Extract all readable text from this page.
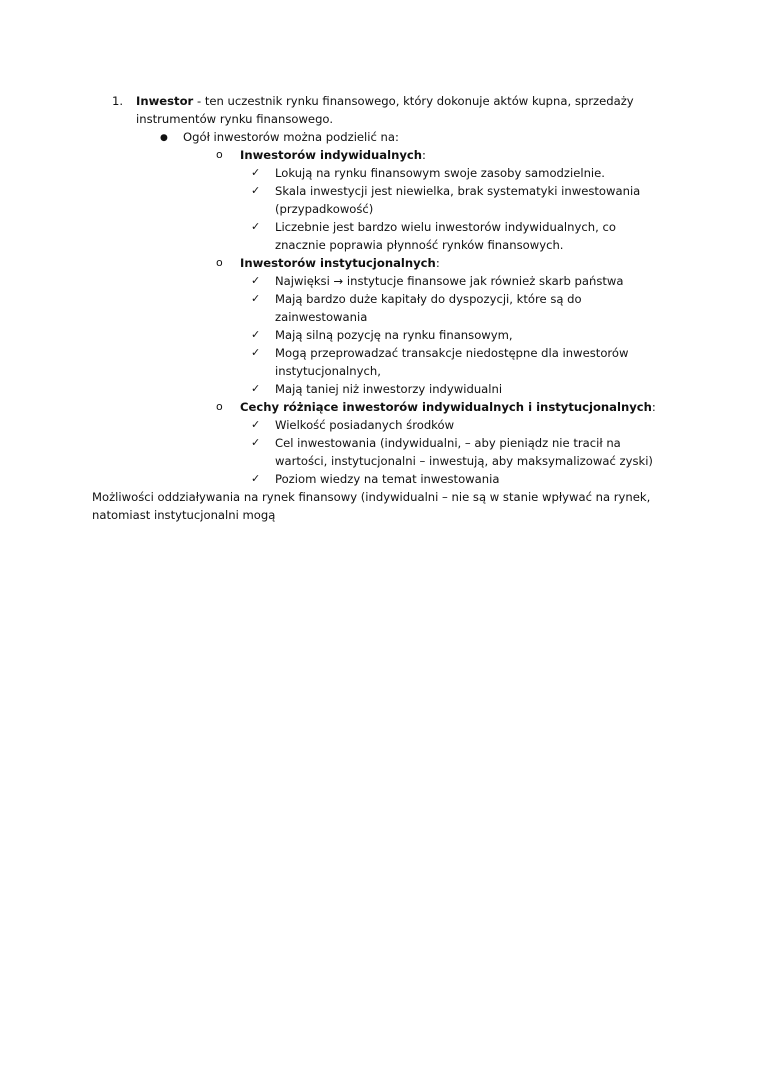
1. Inwestor - ten uczestnik rynku finansowego, który dokonuje aktów kupna, sprzedaży
instrumentów rynku finansowego.
● Ogół inwestorów można podzielić na:
o Inwestorów indywidualnych:
✓ Lokują na rynku finansowym swoje zasoby samodzielnie.
✓ Skala inwestycji jest niewielka, brak systematyki inwestowania
(przypadkowość)
✓ Liczebnie jest bardzo wielu inwestorów indywidualnych, co
znacznie poprawia płynność rynków finansowych.
o Inwestorów instytucjonalnych:
✓ Najwięksi → instytucje finansowe jak również skarb państwa
✓ Mają bardzo duże kapitały do dyspozycji, które są do
zainwestowania
✓ Mają silną pozycję na rynku finansowym,
✓ Mogą przeprowadzać transakcje niedostępne dla inwestorów
instytucjonalnych,
✓ Mają taniej niż inwestorzy indywidualni
o Cechy różniące inwestorów indywidualnych i instytucjonalnych:
✓ Wielkość posiadanych środków
✓ Cel inwestowania (indywidualni, – aby pieniądz nie tracił na
wartości, instytucjonalni – inwestują, aby maksymalizować zyski)
✓ Poziom wiedzy na temat inwestowania
Możliwości oddziaływania na rynek finansowy (indywidualni – nie są w stanie wpływać na rynek,
natomiast instytucjonalni mogą
